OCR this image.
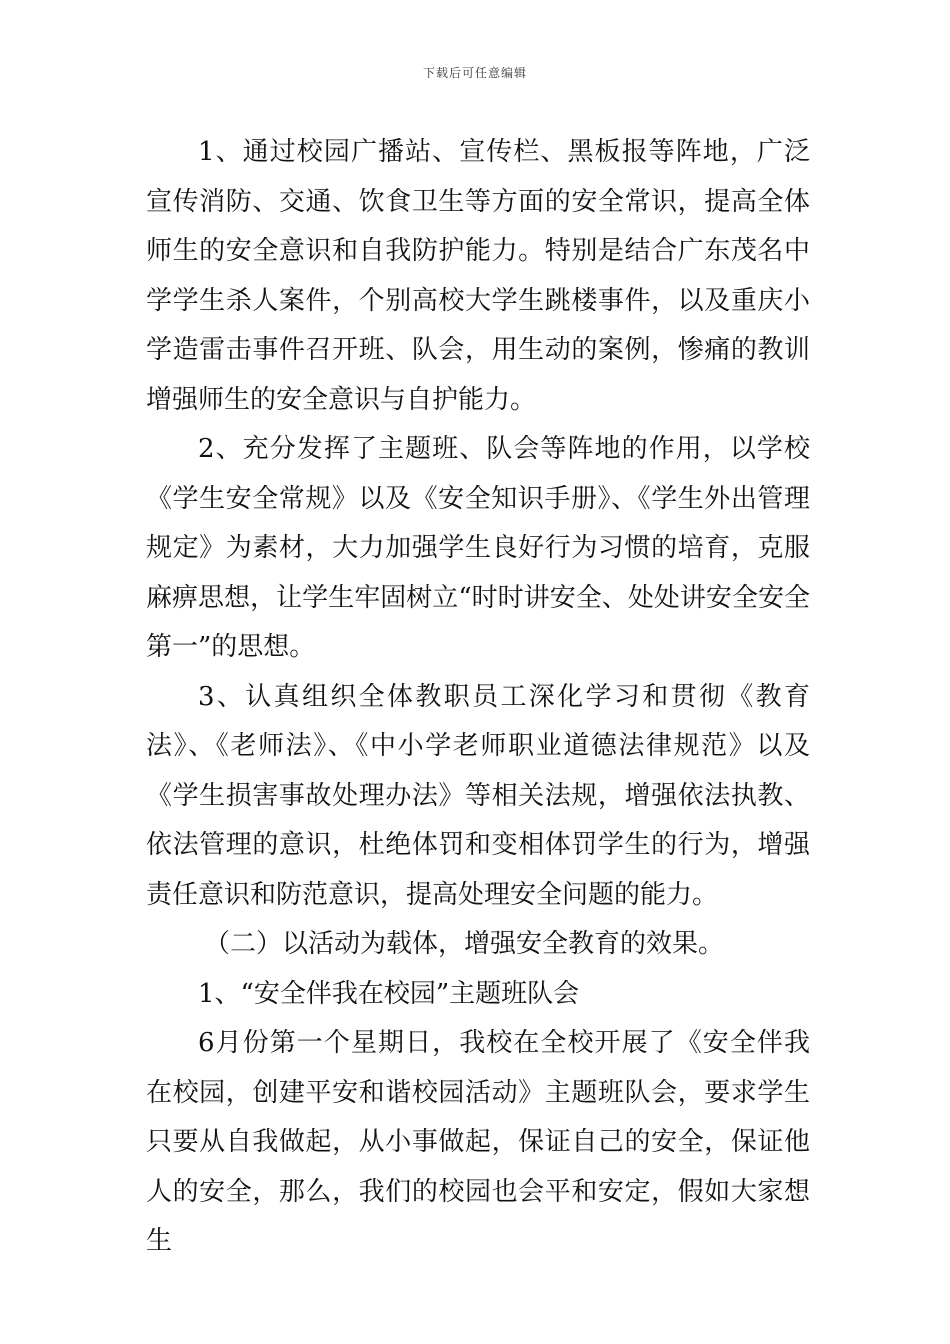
下载后可任意编辑

1、通过校园广播站、宣传栏、黑板报等阵地，广泛宣传消防、交通、饮食卫生等方面的安全常识，提高全体师生的安全意识和自我防护能力。特别是结合广东茂名中学学生杀人案件，个别高校大学生跳楼事件，以及重庆小学造雷击事件召开班、队会，用生动的案例，惨痛的教训增强师生的安全意识与自护能力。

2、充分发挥了主题班、队会等阵地的作用，以学校《学生安全常规》以及《安全知识手册》、《学生外出管理规定》为素材，大力加强学生良好行为习惯的培育，克服麻痹思想，让学生牢固树立“时时讲安全、处处讲安全安全第一”的思想。

3、认真组织全体教职员工深化学习和贯彻《教育法》、《老师法》、《中小学老师职业道德法律规范》以及《学生损害事故处理办法》等相关法规，增强依法执教、依法管理的意识，杜绝体罚和变相体罚学生的行为，增强责任意识和防范意识，提高处理安全问题的能力。

（二）以活动为载体，增强安全教育的效果。

1、“安全伴我在校园”主题班队会

6月份第一个星期日，我校在全校开展了《安全伴我在校园，创建平安和谐校园活动》主题班队会，要求学生只要从自我做起，从小事做起，保证自己的安全，保证他人的安全，那么，我们的校园也会平和安定，假如大家想生
